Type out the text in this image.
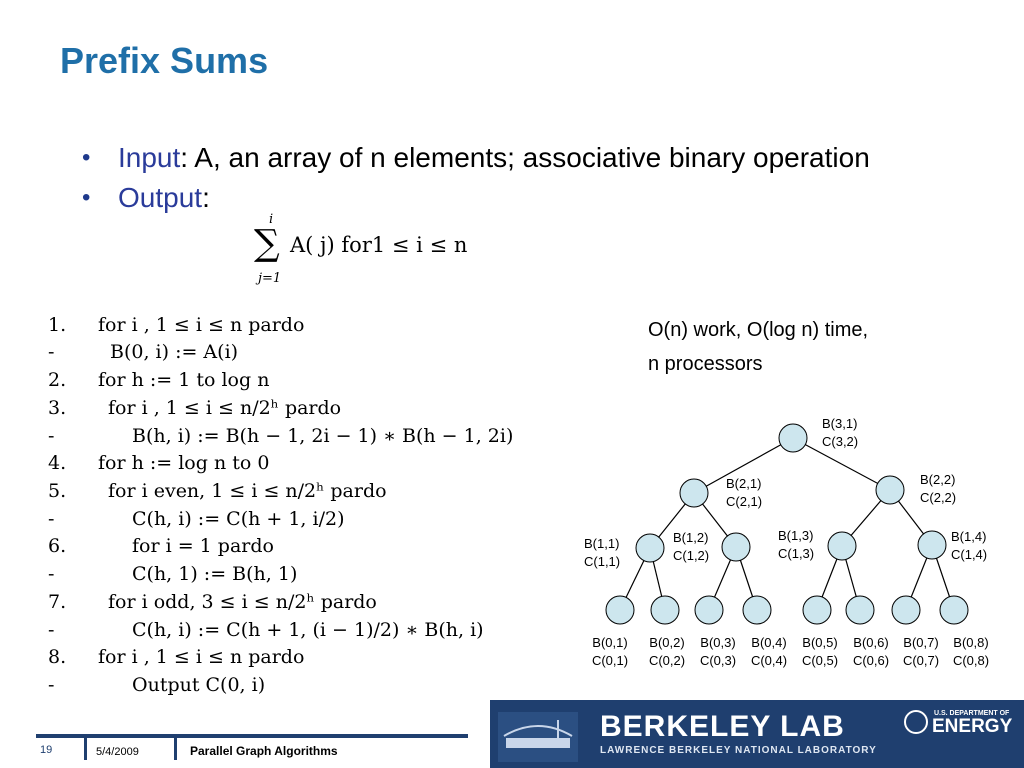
Prefix Sums
• Input: A, an array of n elements; associative binary operation
• Output:
i
∑
j=1
A( j) for1 ≤ i ≤ n
1. for i , 1 ≤ i ≤ n pardo
-	B(0, i) := A(i)
2. for h := 1 to log n
3. for i , 1 ≤ i ≤ n/2ʰ pardo
-	B(h, i) := B(h − 1, 2i − 1) ∗ B(h − 1, 2i)
4. for h := log n to 0
5. for i even, 1 ≤ i ≤ n/2ʰ pardo
-	C(h, i) := C(h + 1, i/2)
6.	for i = 1 pardo
-	C(h, 1) := B(h, 1)
7. for i odd, 3 ≤ i ≤ n/2ʰ pardo
-	C(h, i) := C(h + 1, (i − 1)/2) ∗ B(h, i)
8. for i , 1 ≤ i ≤ n pardo
-	Output C(0, i)
O(n) work, O(log n) time,
n processors
B(3,1)
C(3,2)
B(2,1)
C(2,1)
B(2,2)
C(2,2)
B(1,1)
C(1,1)
B(1,2)
C(1,2)
B(1,3)
C(1,3)
B(1,4)
C(1,4)
B(0,1)
C(0,1)
B(0,2)
C(0,2)
B(0,3)
C(0,3)
B(0,4)
C(0,4)
B(0,5)
C(0,5)
B(0,6)
C(0,6)
B(0,7)
C(0,7)
B(0,8)
C(0,8)
19	5/4/2009	Parallel Graph Algorithms
BERKELEY LAB
LAWRENCE BERKELEY NATIONAL LABORATORY
U.S. DEPARTMENT OF
ENERGY
